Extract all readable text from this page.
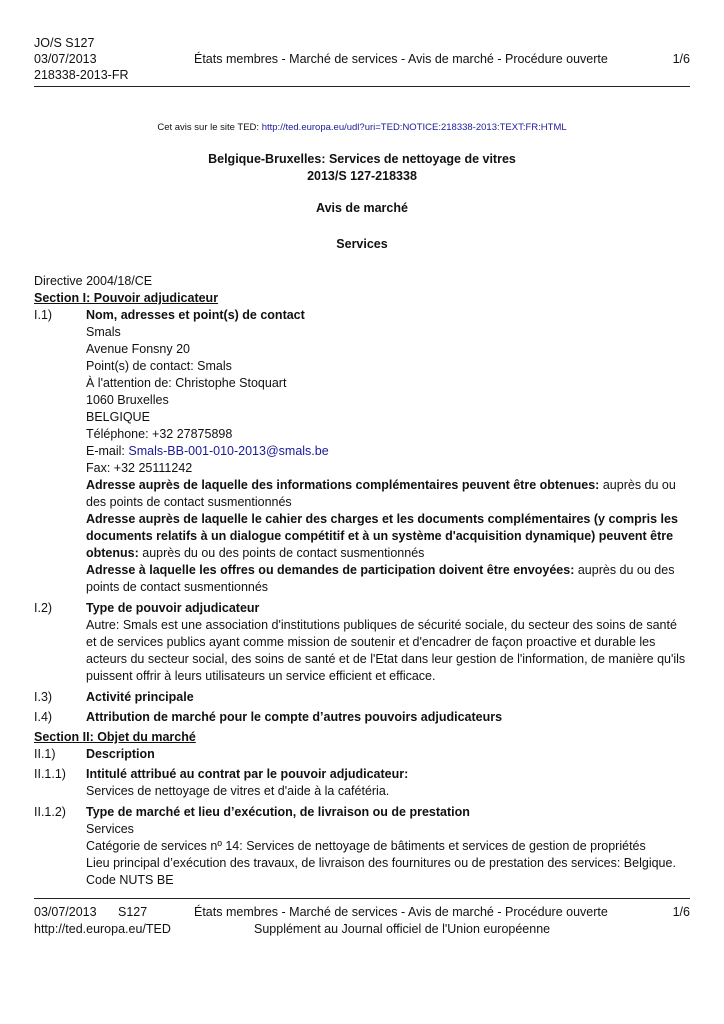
JO/S S127
03/07/2013
218338-2013-FR
États membres - Marché de services - Avis de marché - Procédure ouverte	1/6
Cet avis sur le site TED: http://ted.europa.eu/udl?uri=TED:NOTICE:218338-2013:TEXT:FR:HTML
Belgique-Bruxelles: Services de nettoyage de vitres
2013/S 127-218338
Avis de marché
Services
Directive 2004/18/CE
Section I: Pouvoir adjudicateur
I.1)	Nom, adresses et point(s) de contact
Smals
Avenue Fonsny 20
Point(s) de contact: Smals
À l'attention de: Christophe Stoquart
1060 Bruxelles
BELGIQUE
Téléphone: +32 27875898
E-mail: Smals-BB-001-010-2013@smals.be
Fax: +32 25111242
Adresse auprès de laquelle des informations complémentaires peuvent être obtenues: auprès du ou des points de contact susmentionnés
Adresse auprès de laquelle le cahier des charges et les documents complémentaires (y compris les documents relatifs à un dialogue compétitif et à un système d'acquisition dynamique) peuvent être obtenus: auprès du ou des points de contact susmentionnés
Adresse à laquelle les offres ou demandes de participation doivent être envoyées: auprès du ou des points de contact susmentionnés
I.2)	Type de pouvoir adjudicateur
Autre: Smals est une association d'institutions publiques de sécurité sociale, du secteur des soins de santé et de services publics ayant comme mission de soutenir et d'encadrer de façon proactive et durable les acteurs du secteur social, des soins de santé et de l'Etat dans leur gestion de l'information, de manière qu'ils puissent offrir à leurs utilisateurs un service efficient et efficace.
I.3)	Activité principale
I.4)	Attribution de marché pour le compte d’autres pouvoirs adjudicateurs
Section II: Objet du marché
II.1) Description
II.1.1) Intitulé attribué au contrat par le pouvoir adjudicateur:
Services de nettoyage de vitres et d'aide à la cafétéria.
II.1.2) Type de marché et lieu d’exécution, de livraison ou de prestation
Services
Catégorie de services nº 14: Services de nettoyage de bâtiments et services de gestion de propriétés
Lieu principal d’exécution des travaux, de livraison des fournitures ou de prestation des services: Belgique.
Code NUTS BE
03/07/2013 S127	États membres - Marché de services - Avis de marché - Procédure ouverte	1/6
http://ted.europa.eu/TED	Supplément au Journal officiel de l'Union européenne
